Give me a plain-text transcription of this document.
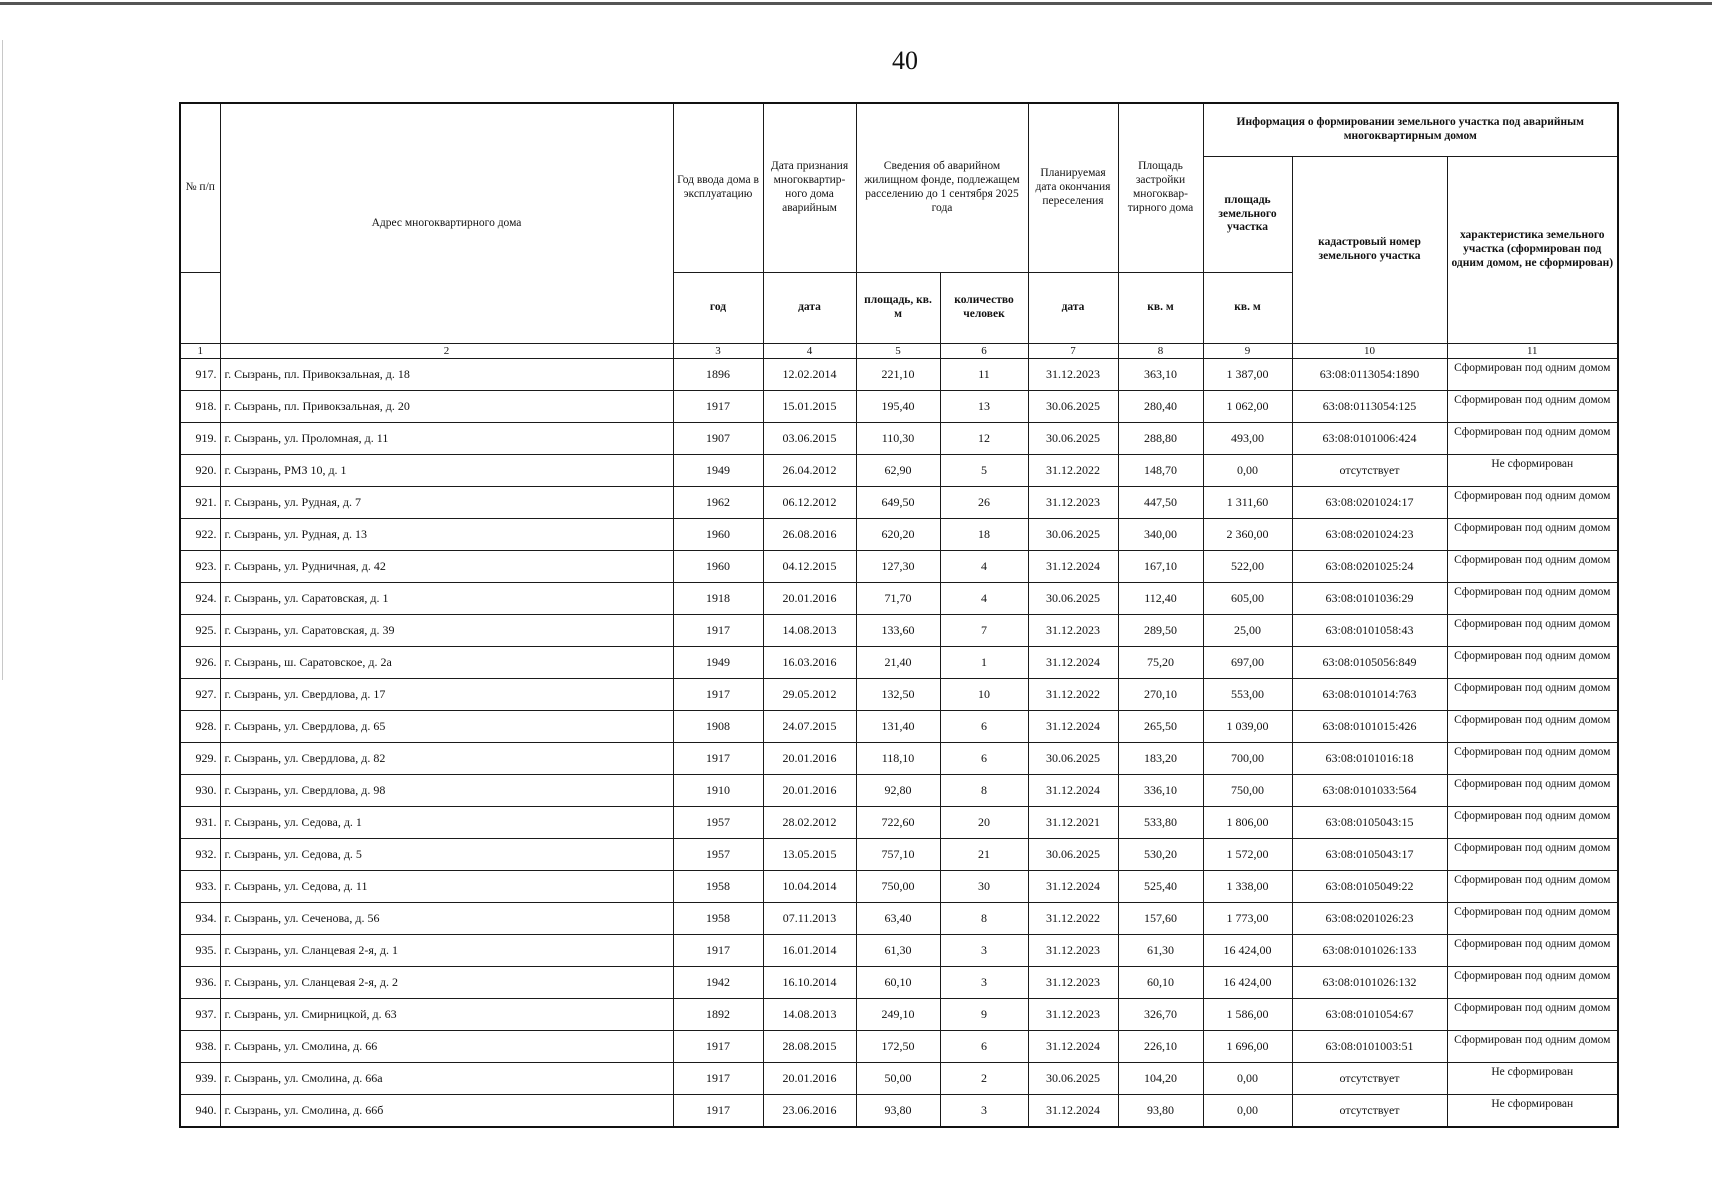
40
№ п/п	Адрес многоквартирного дома	Год ввода дома в эксплуатацию	Дата признания многоквартир-ного дома аварийным	Сведения об аварийном жилищном фонде, подлежащем расселению до 1 сентября 2025 года		Планируемая дата окончания переселения	Площадь застройки многоквар-тирного дома	Информация о формировании земельного участка под аварийным многоквартирным домом		
								площадь земельного участка	кадастровый номер земельного участка	характеристика земельного участка (сформирован под одним домом, не сформирован)
		год	дата	площадь, кв. м	количество человек	дата	кв. м	кв. м		
1	2	3	4	5	6	7	8	9	10	11
917.	г. Сызрань, пл. Привокзальная, д. 18	1896	12.02.2014	221,10	11	31.12.2023	363,10	1 387,00	63:08:0113054:1890	Сформирован под одним домом

918.	г. Сызрань, пл. Привокзальная, д. 20	1917	15.01.2015	195,40	13	30.06.2025	280,40	1 062,00	63:08:0113054:125	Сформирован под одним домом

919.	г. Сызрань, ул. Проломная, д. 11	1907	03.06.2015	110,30	12	30.06.2025	288,80	493,00	63:08:0101006:424	Сформирован под одним домом

920.	г. Сызрань, РМЗ 10, д. 1	1949	26.04.2012	62,90	5	31.12.2022	148,70	0,00	отсутствует	Не сформирован

921.	г. Сызрань, ул. Рудная, д. 7	1962	06.12.2012	649,50	26	31.12.2023	447,50	1 311,60	63:08:0201024:17	Сформирован под одним домом

922.	г. Сызрань, ул. Рудная, д. 13	1960	26.08.2016	620,20	18	30.06.2025	340,00	2 360,00	63:08:0201024:23	Сформирован под одним домом

923.	г. Сызрань, ул. Рудничная, д. 42	1960	04.12.2015	127,30	4	31.12.2024	167,10	522,00	63:08:0201025:24	Сформирован под одним домом

924.	г. Сызрань, ул. Саратовская, д. 1	1918	20.01.2016	71,70	4	30.06.2025	112,40	605,00	63:08:0101036:29	Сформирован под одним домом

925.	г. Сызрань, ул. Саратовская, д. 39	1917	14.08.2013	133,60	7	31.12.2023	289,50	25,00	63:08:0101058:43	Сформирован под одним домом

926.	г. Сызрань, ш. Саратовское, д. 2а	1949	16.03.2016	21,40	1	31.12.2024	75,20	697,00	63:08:0105056:849	Сформирован под одним домом

927.	г. Сызрань, ул. Свердлова, д. 17	1917	29.05.2012	132,50	10	31.12.2022	270,10	553,00	63:08:0101014:763	Сформирован под одним домом

928.	г. Сызрань, ул. Свердлова, д. 65	1908	24.07.2015	131,40	6	31.12.2024	265,50	1 039,00	63:08:0101015:426	Сформирован под одним домом

929.	г. Сызрань, ул. Свердлова, д. 82	1917	20.01.2016	118,10	6	30.06.2025	183,20	700,00	63:08:0101016:18	Сформирован под одним домом

930.	г. Сызрань, ул. Свердлова, д. 98	1910	20.01.2016	92,80	8	31.12.2024	336,10	750,00	63:08:0101033:564	Сформирован под одним домом

931.	г. Сызрань, ул. Седова, д. 1	1957	28.02.2012	722,60	20	31.12.2021	533,80	1 806,00	63:08:0105043:15	Сформирован под одним домом

932.	г. Сызрань, ул. Седова, д. 5	1957	13.05.2015	757,10	21	30.06.2025	530,20	1 572,00	63:08:0105043:17	Сформирован под одним домом

933.	г. Сызрань, ул. Седова, д. 11	1958	10.04.2014	750,00	30	31.12.2024	525,40	1 338,00	63:08:0105049:22	Сформирован под одним домом

934.	г. Сызрань, ул. Сеченова, д. 56	1958	07.11.2013	63,40	8	31.12.2022	157,60	1 773,00	63:08:0201026:23	Сформирован под одним домом

935.	г. Сызрань, ул. Сланцевая 2-я, д. 1	1917	16.01.2014	61,30	3	31.12.2023	61,30	16 424,00	63:08:0101026:133	Сформирован под одним домом

936.	г. Сызрань, ул. Сланцевая 2-я, д. 2	1942	16.10.2014	60,10	3	31.12.2023	60,10	16 424,00	63:08:0101026:132	Сформирован под одним домом

937.	г. Сызрань, ул. Смирницкой, д. 63	1892	14.08.2013	249,10	9	31.12.2023	326,70	1 586,00	63:08:0101054:67	Сформирован под одним домом

938.	г. Сызрань, ул. Смолина, д. 66	1917	28.08.2015	172,50	6	31.12.2024	226,10	1 696,00	63:08:0101003:51	Сформирован под одним домом

939.	г. Сызрань, ул. Смолина, д. 66а	1917	20.01.2016	50,00	2	30.06.2025	104,20	0,00	отсутствует	Не сформирован

940.	г. Сызрань, ул. Смолина, д. 66б	1917	23.06.2016	93,80	3	31.12.2024	93,80	0,00	отсутствует	Не сформирован
